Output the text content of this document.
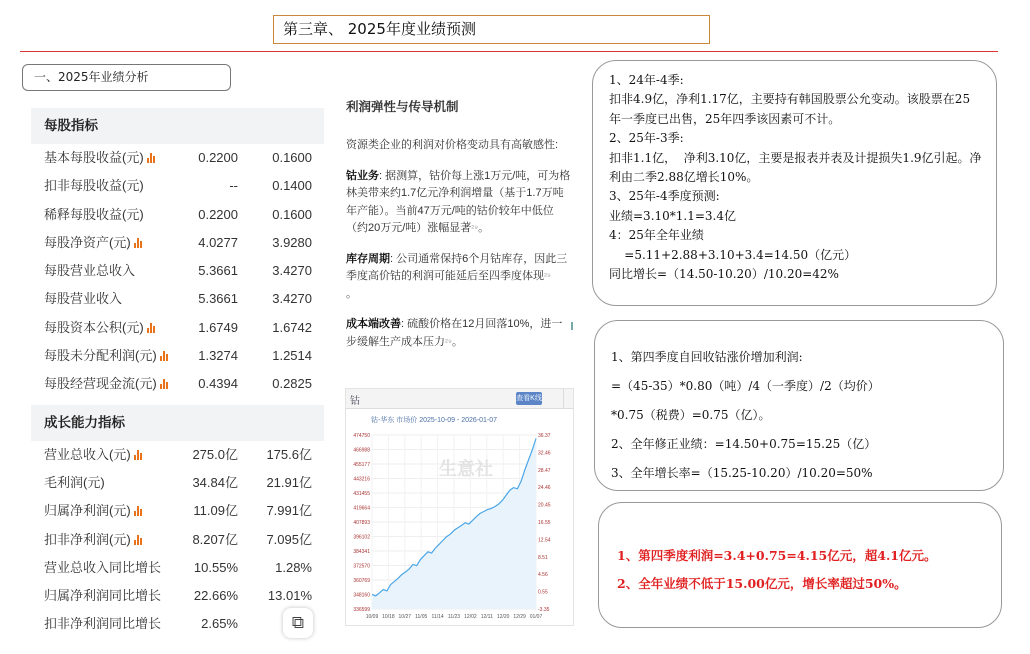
第三章、 2025年度业绩预测
一、2025年业绩分析
每股指标
基本每股收益(元)	0.2200	0.1600
扣非每股收益(元)	--	0.1400
稀释每股收益(元)	0.2200	0.1600
每股净资产(元)	4.0277	3.9280
每股营业总收入	5.3661	3.4270
每股营业收入	5.3661	3.4270
每股资本公积(元)	1.6749	1.6742
每股未分配利润(元)	1.3274	1.2514
每股经营现金流(元)	0.4394	0.2825
成长能力指标
营业总收入(元)	275.0亿 175.6亿
毛利润(元)	34.84亿 21.91亿
归属净利润(元)	11.09亿 7.991亿
扣非净利润(元)	8.207亿 7.095亿
营业总收入同比增长	10.55%	1.28%
归属净利润同比增长	22.66% 13.01%
扣非净利润同比增长	2.65%	⧉
利润弹性与传导机制

资源类企业的利润对价格变动具有高敏感性:

钴业务: 据测算，钴价每上涨1万元/吨，可为格林美带来约1.7亿元净利润增量（基于1.7万吨年产能）。当前47万元/吨的钴价较年中低位（约20万元/吨）涨幅显著²⁹。

库存周期: 公司通常保持6个月钴库存，因此三季度高价钴的利润可能延后至四季度体现²⁹
。

成本端改善: 硫酸价格在12月回落10%，进一步缓解生产成本压力²⁹。

钴	查看K线
钴-华东 市场价 2025-10-09 - 2026-01-07
474750
466988
455177
443216
431455
419664
407893
396102
384341
372570
360769
348160
336599
36.37
32.46
28.47
24.46
20.45
16.55
12.54
8.51
4.56
0.55
-3.35
10/09 10/18 10/27 11/05 11/14 11/23 12/02 12/11 12/20 12/29 01/07
生意社

1、24年-4季:

扣非4.9亿，净利1.17亿，主要持有韩国股票公允变动。该股票在25年一季度已出售，25年四季该因素可不计。

2、25年-3季:

扣非1.1亿，  净利3.10亿，主要是报表并表及计提损失1.9亿引起。净利由二季2.88亿增长10%。

3、25年-4季度预测:

业绩=3.10*1.1=3.4亿

4：25年全年业绩

=5.11+2.88+3.10+3.4=14.50（亿元）

同比增长=（14.50-10.20）/10.20=42%

1、第四季度自回收钴涨价增加利润:

=（45-35）*0.80（吨）/4（一季度）/2（均价）

*0.75（税费）=0.75（亿）。

2、全年修正业绩：=14.50+0.75=15.25（亿）

3、全年增长率=（15.25-10.20）/10.20=50%

1、第四季度利润=3.4+0.75=4.15亿元，超4.1亿元。

2、全年业绩不低于15.00亿元，增长率超过50%。
